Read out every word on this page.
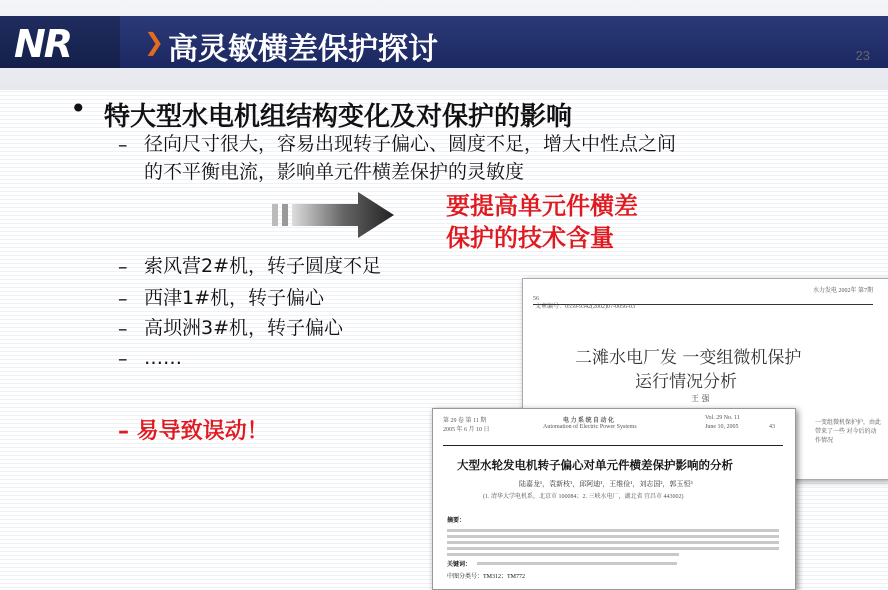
NR	❯ 高灵敏横差保护探讨	23
• 特大型水电机组结构变化及对保护的影响
– 径向尺寸很大，容易出现转子偏心、圆度不足，增大中性点之间
的不平衡电流，影响单元件横差保护的灵敏度
要提高单元件横差
保护的技术含量
– 索风营2#机，转子圆度不足
– 西津1#机，转子偏心
– 高坝洲3#机，转子偏心
– ……
– 易导致误动！
56
水力发电 2002年 第7期
文章编号：0559-9342(2002)07-0056-03
二滩水电厂发 一变组微机保护
运行情况分析
王 强
一变组微机保护护，由此带来了一些 对今后的动作情况
第 29 卷 第 11 期
2005 年 6 月 10 日
电 力 系 统 自 动 化
Automation of Electric Power Systems
Vol. 29 No. 11
June 10, 2005	43
大型水轮发电机转子偏心对单元件横差保护影响的分析
陆嘉龙¹，袁新枝¹，邱阿迪¹，王维俭¹，刘志国²，郭玉恒³
(1. 清华大学电机系，北京市 100084；2. 三峡水电厂，湖北省 宜昌市 443002)
摘要：
关键词：
中图分类号：TM312；TM772
